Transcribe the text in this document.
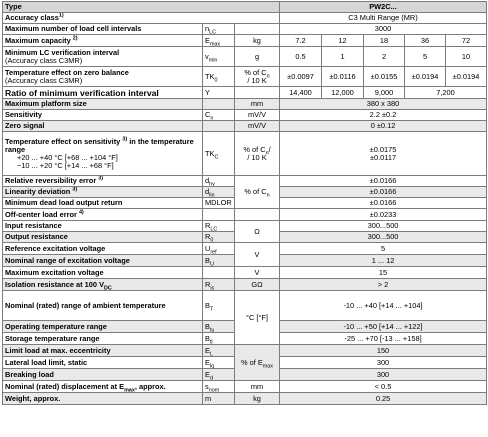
Type			PW2C...				
Accuracy class$^{1)}$			C3 Multi Range (MR)				
Maximum number of load cell intervals	$n_{LC}$		3000				
Maximum capacity $^{2)}$	$E_{max}$	kg	7.2	12	18	36	72

Minimum LC verification interval
(Accuracy class C3MR)	$v_{min}$	g	0.5	1	2	5	10

Temperature effect on zero balance
(Accuracy class C3MR)	$TK_0$	% of $C_n$
/ 10 K	±0.0097	±0.0116	±0.0155	±0.0194	±0.0194
Ratio of minimum verification interval	Y		14,400	12,000	9,000	7,200	
Maximum platform size		mm	380 x 380				
Sensitivity	$C_n$	mV/V	2.2 ±0.2				
Zero signal		mV/V	0 ±0.12				

Temperature effect on sensitivity $^{3)}$ in the temperature range
+20 ... +40 °C [+68 ... +104 °F]
−10 ... +20 °C [+14 ... +68 °F]	$TK_C$	% of $C_n/$
/ 10 K	±0.0175
±0.0117				

Relative reversibility error $^{3)}$	$d_{hy}$	% of $C_n$	±0.0166				
Linearity deviation $^{3)}$	$d_{lin}$		±0.0166				
Minimum dead load output return	MDLOR		±0.0166				
Off-center load error $^{4)}$			±0.0233				
Input resistance	$R_{LC}$	Ω	300...500				
Output resistance	$R_0$		300...500				
Reference excitation voltage	$U_{ref}$	V	5				
Nominal range of excitation voltage	$B_U$		1 ... 12				
Maximum excitation voltage		V	15				
Isolation resistance at 100 $V_{DC}$	$R_{is}$	GΩ	> 2				
Nominal (rated) range of ambient temperature	$B_T$	°C [°F]	-10 ... +40 [+14 ... +104]				
Operating temperature range	$B_{tu}$		-10 ... +50 [+14 ... +122]				
Storage temperature range	$B_{tl}$		-25 ... +70 [-13 ... +158]				
Limit load at max. eccentricity	$E_L$	% of $E_{max}$	150				
Lateral load limit, static	$E_{lq}$		300				
Breaking load	$E_d$		300				
Nominal (rated) displacement at $E_{max}$, approx.	$s_{nom}$	mm	< 0.5				
Weight, approx.	m	kg	0.25				
